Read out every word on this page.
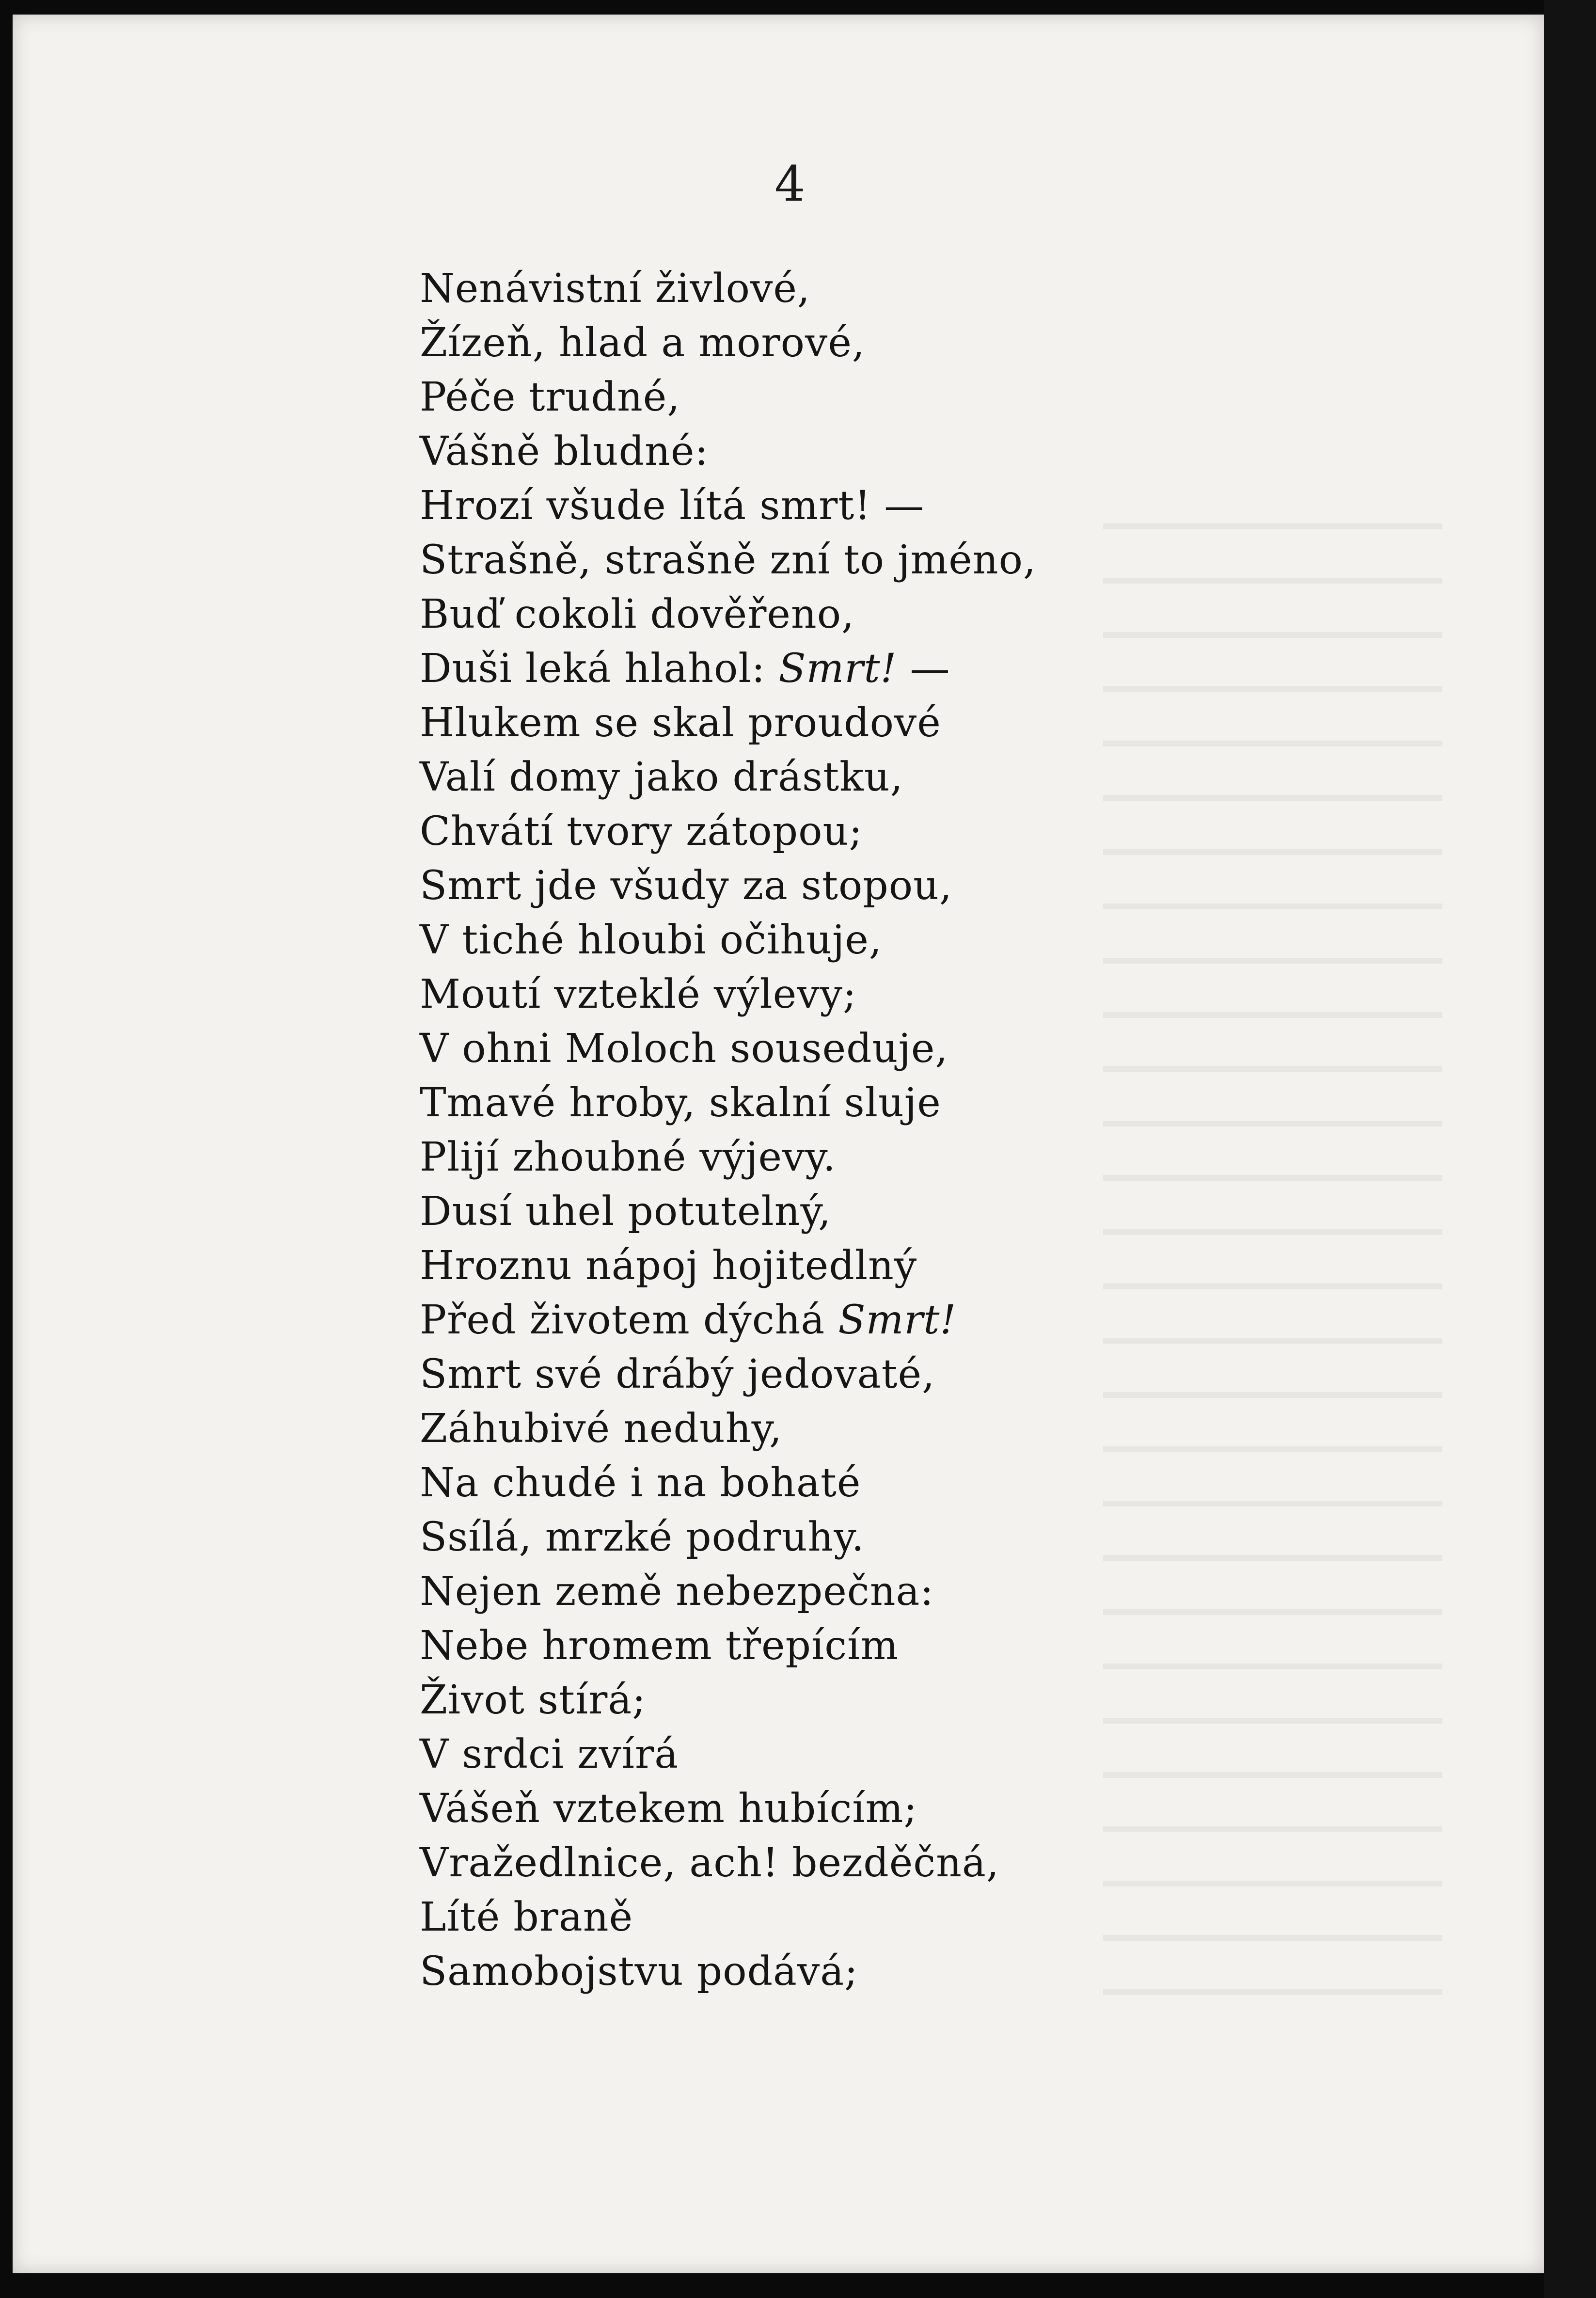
4
Nenávistní živlové,
Žízeň, hlad a morové,
Péče trudné,
Vášně bludné:
Hrozí všude lítá smrt! —
Strašně, strašně zní to jméno,
Buď cokoli dověřeno,
Duši leká hlahol: Smrt! —
Hlukem se skal proudové
Valí domy jako drástku,
Chvátí tvory zátopou;
Smrt jde všudy za stopou,
V tiché hloubi očihuje,
Moutí vzteklé výlevy;
V ohni Moloch souseduje,
Tmavé hroby, skalní sluje
Plijí zhoubné výjevy.
Dusí uhel potutelný,
Hroznu nápoj hojitedlný
Před životem dýchá Smrt!
Smrt své drábý jedovaté,
Záhubivé neduhy,
Na chudé i na bohaté
Ssílá, mrzké podruhy.
Nejen země nebezpečna:
Nebe hromem třepícím
Život stírá;
V srdci zvírá
Vášeň vztekem hubícím;
Vražedlnice, ach! bezděčná,
Líté braně
Samobojstvu podává;
